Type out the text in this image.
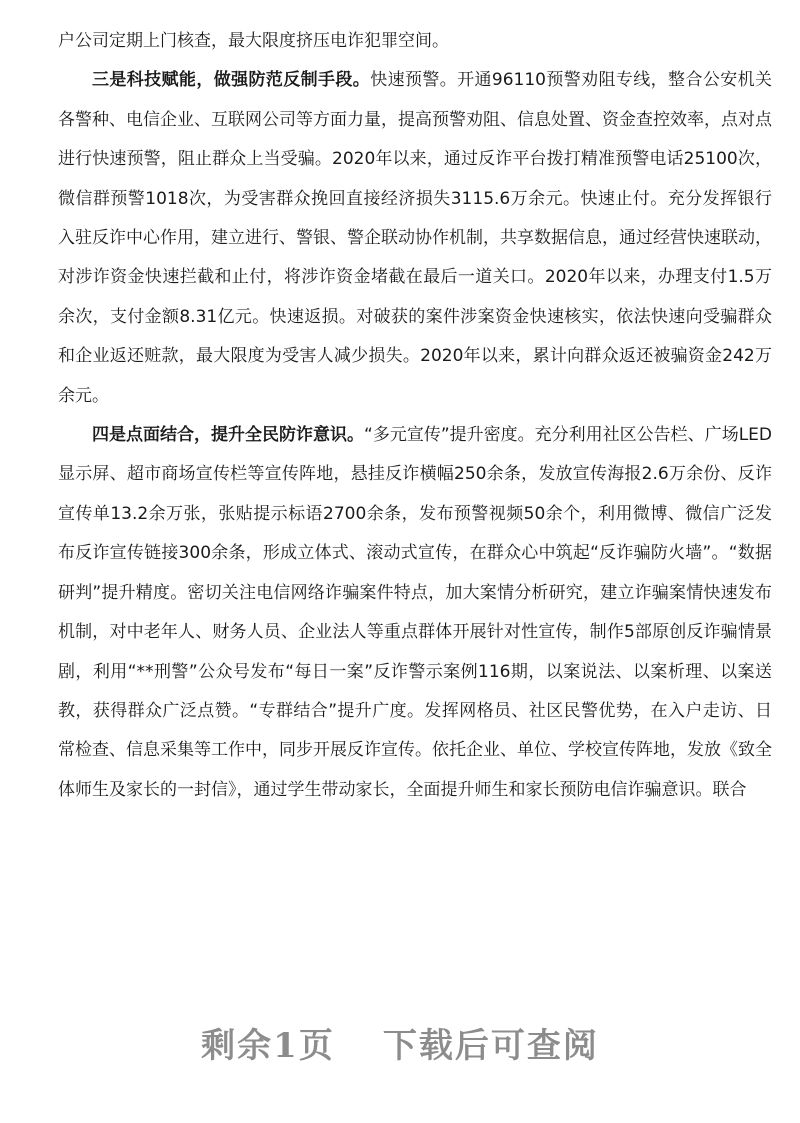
户公司定期上门核查，最大限度挤压电诈犯罪空间。

三是科技赋能，做强防范反制手段。快速预警。开通96110预警劝阻专线，整合公安机关各警种、电信企业、互联网公司等方面力量，提高预警劝阻、信息处置、资金查控效率，点对点进行快速预警，阻止群众上当受骗。2020年以来，通过反诈平台拨打精准预警电话25100次，微信群预警1018次，为受害群众挽回直接经济损失3115.6万余元。快速止付。充分发挥银行入驻反诈中心作用，建立进行、警银、警企联动协作机制，共享数据信息，通过经营快速联动，对涉诈资金快速拦截和止付，将涉诈资金堵截在最后一道关口。2020年以来，办理支付1.5万余次，支付金额8.31亿元。快速返损。对破获的案件涉案资金快速核实，依法快速向受骗群众和企业返还赃款，最大限度为受害人减少损失。2020年以来，累计向群众返还被骗资金242万余元。

四是点面结合，提升全民防诈意识。“多元宣传”提升密度。充分利用社区公告栏、广场LED显示屏、超市商场宣传栏等宣传阵地，悬挂反诈横幅250余条，发放宣传海报2.6万余份、反诈宣传单13.2余万张，张贴提示标语2700余条，发布预警视频50余个，利用微博、微信广泛发布反诈宣传链接300余条，形成立体式、滚动式宣传，在群众心中筑起“反诈骗防火墙”。“数据研判”提升精度。密切关注电信网络诈骗案件特点，加大案情分析研究，建立诈骗案情快速发布机制，对中老年人、财务人员、企业法人等重点群体开展针对性宣传，制作5部原创反诈骗情景剧，利用“**刑警”公众号发布“每日一案”反诈警示案例116期，以案说法、以案析理、以案送教，获得群众广泛点赞。“专群结合”提升广度。发挥网格员、社区民警优势，在入户走访、日常检查、信息采集等工作中，同步开展反诈宣传。依托企业、单位、学校宣传阵地，发放《致全体师生及家长的一封信》，通过学生带动家长，全面提升师生和家长预防电信诈骗意识。联合

剩余1页 下载后可查阅
